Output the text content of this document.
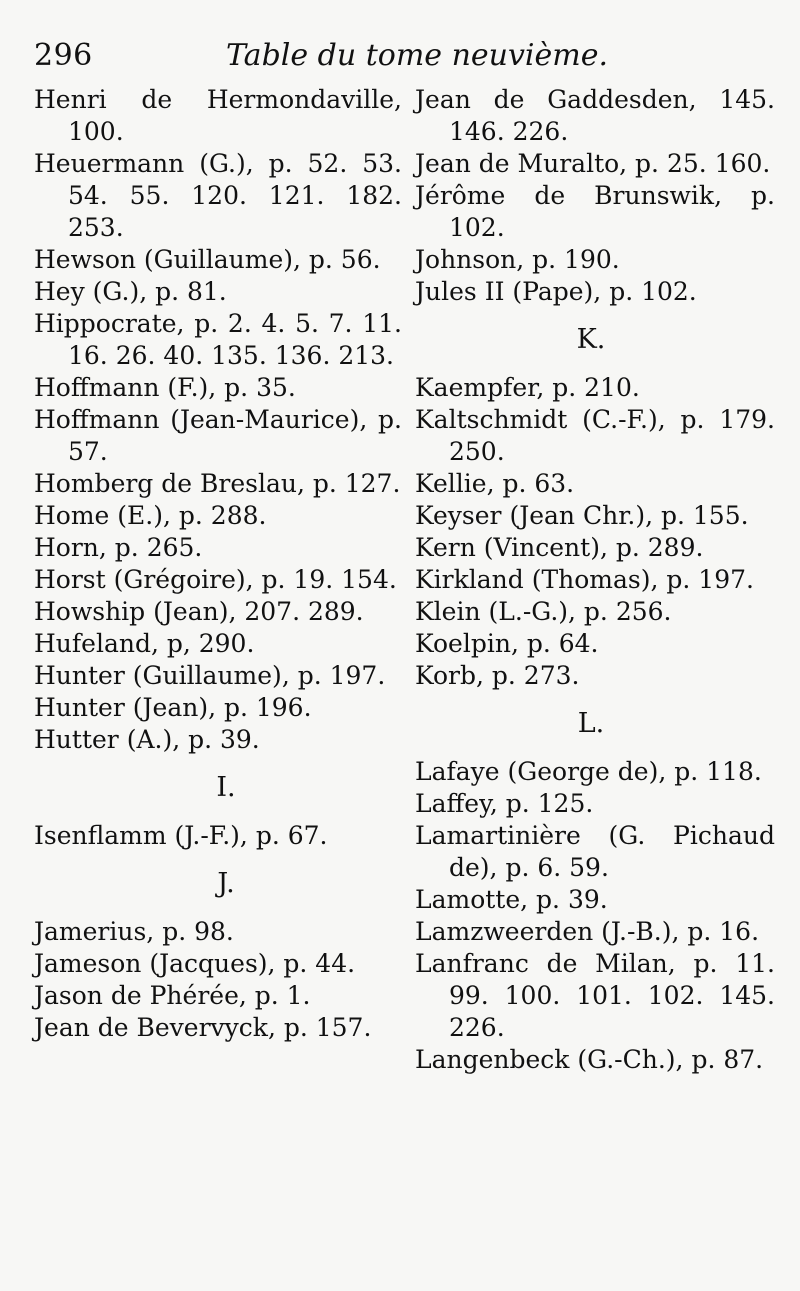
296	Table du tome neuvième.

Henri de Hermondaville, 100.

Heuermann (G.), p. 52. 53. 54. 55. 120. 121. 182. 253.

Hewson (Guillaume), p. 56.

Hey (G.), p. 81.

Hippocrate, p. 2. 4. 5. 7. 11. 16. 26. 40. 135. 136. 213.

Hoffmann (F.), p. 35.

Hoffmann (Jean-Maurice), p. 57.

Homberg de Breslau, p. 127.

Home (E.), p. 288.

Horn, p. 265.

Horst (Grégoire), p. 19. 154.

Howship (Jean), 207. 289.

Hufeland, p, 290.

Hunter (Guillaume), p. 197.

Hunter (Jean), p. 196.

Hutter (A.), p. 39.

I.

Isenflamm (J.-F.), p. 67.

J.

Jamerius, p. 98.

Jameson (Jacques), p. 44.

Jason de Phérée, p. 1.

Jean de Bevervyck, p. 157.

Jean de Gaddesden, 145. 146. 226.

Jean de Muralto, p. 25. 160.

Jérôme de Brunswik, p. 102.

Johnson, p. 190.

Jules II (Pape), p. 102.

K.

Kaempfer, p. 210.

Kaltschmidt (C.-F.), p. 179. 250.

Kellie, p. 63.

Keyser (Jean Chr.), p. 155.

Kern (Vincent), p. 289.

Kirkland (Thomas), p. 197.

Klein (L.-G.), p. 256.

Koelpin, p. 64.

Korb, p. 273.

L.

Lafaye (George de), p. 118.

Laffey, p. 125.

Lamartinière (G. Pichaud de), p. 6. 59.

Lamotte, p. 39.

Lamzweerden (J.-B.), p. 16.

Lanfranc de Milan, p. 11. 99. 100. 101. 102. 145. 226.

Langenbeck (G.-Ch.), p. 87.
